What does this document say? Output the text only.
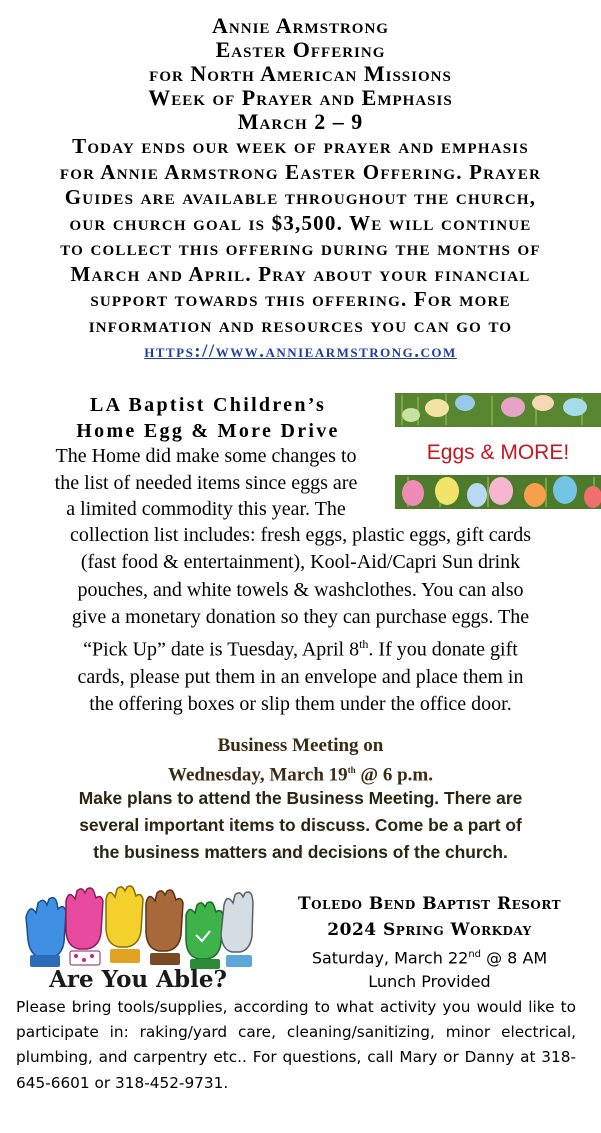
Annie Armstrong
Easter Offering
for North American Missions
Week of Prayer and Emphasis
March 2 – 9
Today ends our week of prayer and emphasis
for Annie Armstrong Easter Offering. Prayer
Guides are available throughout the church,
our church goal is $3,500. We will continue
to collect this offering during the months of
March and April. Pray about your financial
support towards this offering. For more
information and resources you can go to
https://www.anniearmstrong.com
LA Baptist Children’s
Home Egg & More Drive
Eggs & MORE!
The Home did make some changes to
the list of needed items since eggs are
a limited commodity this year. The
collection list includes: fresh eggs, plastic eggs, gift cards
(fast food & entertainment), Kool-Aid/Capri Sun drink
pouches, and white towels & washclothes. You can also
give a monetary donation so they can purchase eggs. The
“Pick Up” date is Tuesday, April 8th. If you donate gift
cards, please put them in an envelope and place them in
the offering boxes or slip them under the office door.
Business Meeting on
Wednesday, March 19th @ 6 p.m.
Make plans to attend the Business Meeting. There are
several important items to discuss. Come be a part of
the business matters and decisions of the church.
Are You Able?
Toledo Bend Baptist Resort
2024 Spring Workday
Saturday, March 22nd @ 8 AM
Lunch Provided
Please bring tools/supplies, according to what activity you would like to participate in: raking/yard care, cleaning/sanitizing, minor electrical, plumbing, and carpentry etc.. For questions, call Mary or Danny at 318-645-6601 or 318-452-9731.
